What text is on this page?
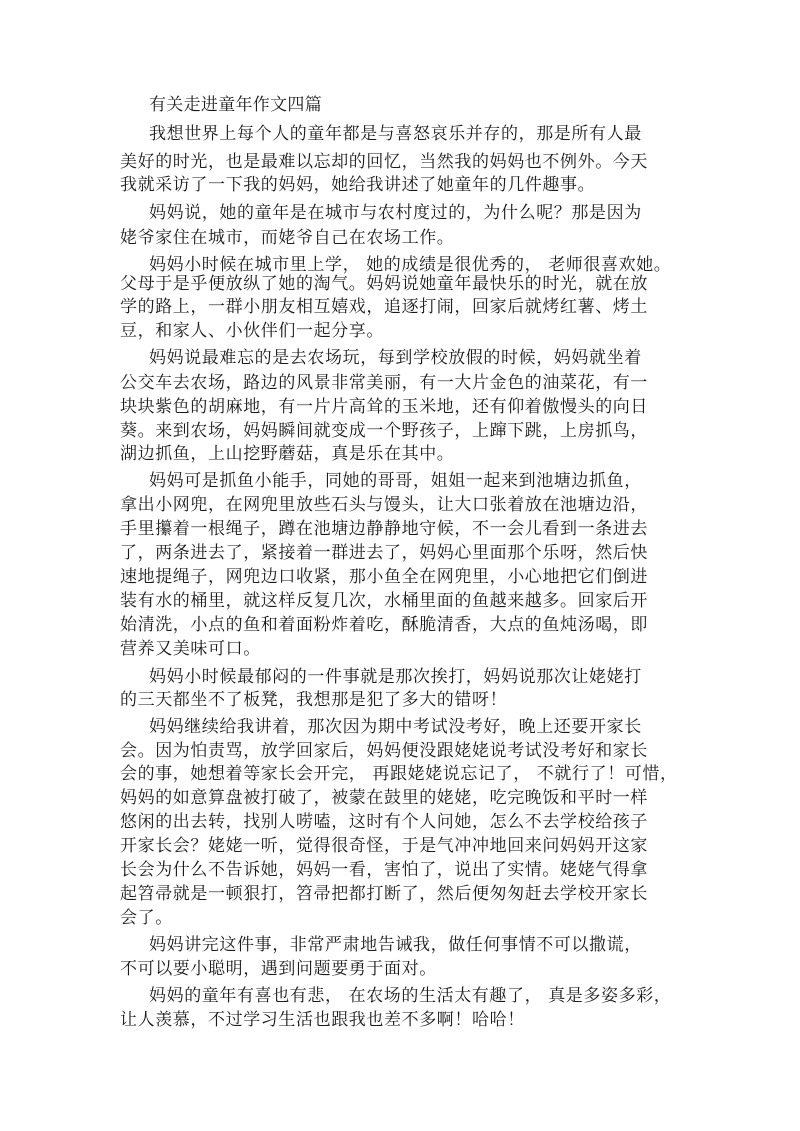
有关走进童年作文四篇
我想世界上每个人的童年都是与喜怒哀乐并存的，那是所有人最
美好的时光，也是最难以忘却的回忆，当然我的妈妈也不例外。今天
我就采访了一下我的妈妈，她给我讲述了她童年的几件趣事。
妈妈说，她的童年是在城市与农村度过的，为什么呢？那是因为
姥爷家住在城市，而姥爷自己在农场工作。
妈妈小时候在城市里上学， 她的成绩是很优秀的， 老师很喜欢她。
父母于是乎便放纵了她的淘气。妈妈说她童年最快乐的时光，就在放
学的路上，一群小朋友相互嬉戏，追逐打闹，回家后就烤红薯、烤土
豆，和家人、小伙伴们一起分享。
妈妈说最难忘的是去农场玩，每到学校放假的时候，妈妈就坐着
公交车去农场，路边的风景非常美丽，有一大片金色的油菜花，有一
块块紫色的胡麻地，有一片片高耸的玉米地，还有仰着傲慢头的向日
葵。来到农场，妈妈瞬间就变成一个野孩子，上蹿下跳，上房抓鸟，
湖边抓鱼，上山挖野蘑菇，真是乐在其中。
妈妈可是抓鱼小能手，同她的哥哥，姐姐一起来到池塘边抓鱼，
拿出小网兜，在网兜里放些石头与馒头，让大口张着放在池塘边沿，
手里攥着一根绳子，蹲在池塘边静静地守候，不一会儿看到一条进去
了，两条进去了，紧接着一群进去了，妈妈心里面那个乐呀，然后快
速地提绳子，网兜边口收紧，那小鱼全在网兜里，小心地把它们倒进
装有水的桶里，就这样反复几次，水桶里面的鱼越来越多。回家后开
始清洗，小点的鱼和着面粉炸着吃，酥脆清香，大点的鱼炖汤喝，即
营养又美味可口。
妈妈小时候最郁闷的一件事就是那次挨打，妈妈说那次让姥姥打
的三天都坐不了板凳，我想那是犯了多大的错呀！
妈妈继续给我讲着，那次因为期中考试没考好，晚上还要开家长
会。因为怕责骂，放学回家后，妈妈便没跟姥姥说考试没考好和家长
会的事，她想着等家长会开完， 再跟姥姥说忘记了， 不就行了！可惜，
妈妈的如意算盘被打破了，被蒙在鼓里的姥姥，吃完晚饭和平时一样
悠闲的出去转，找别人唠嗑，这时有个人问她，怎么不去学校给孩子
开家长会？姥姥一听，觉得很奇怪，于是气冲冲地回来问妈妈开这家
长会为什么不告诉她，妈妈一看，害怕了，说出了实情。姥姥气得拿
起笤帚就是一顿狠打，笤帚把都打断了，然后便匆匆赶去学校开家长
会了。
妈妈讲完这件事，非常严肃地告诫我，做任何事情不可以撒谎，
不可以要小聪明，遇到问题要勇于面对。
妈妈的童年有喜也有悲， 在农场的生活太有趣了， 真是多姿多彩，
让人羡慕，不过学习生活也跟我也差不多啊！哈哈！
